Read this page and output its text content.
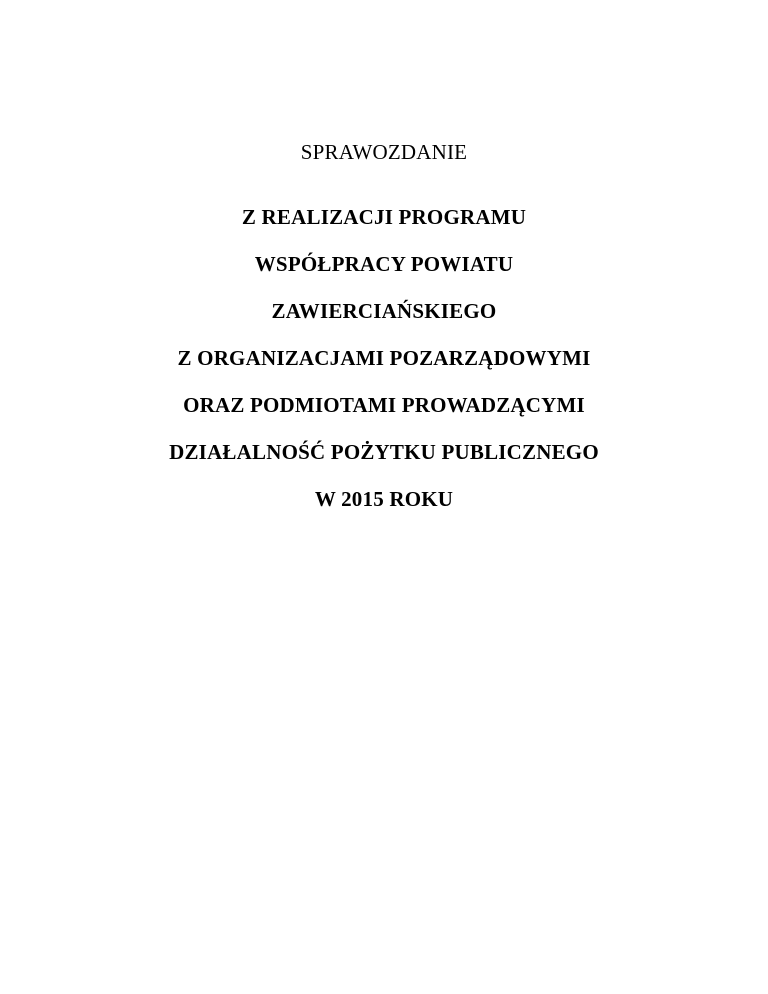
SPRAWOZDANIE
Z REALIZACJI PROGRAMU
WSPÓŁPRACY POWIATU
ZAWIERCIAŃSKIEGO
Z ORGANIZACJAMI POZARZĄDOWYMI
ORAZ PODMIOTAMI PROWADZĄCYMI
DZIAŁALNOŚĆ POŻYTKU PUBLICZNEGO
W 2015 ROKU
